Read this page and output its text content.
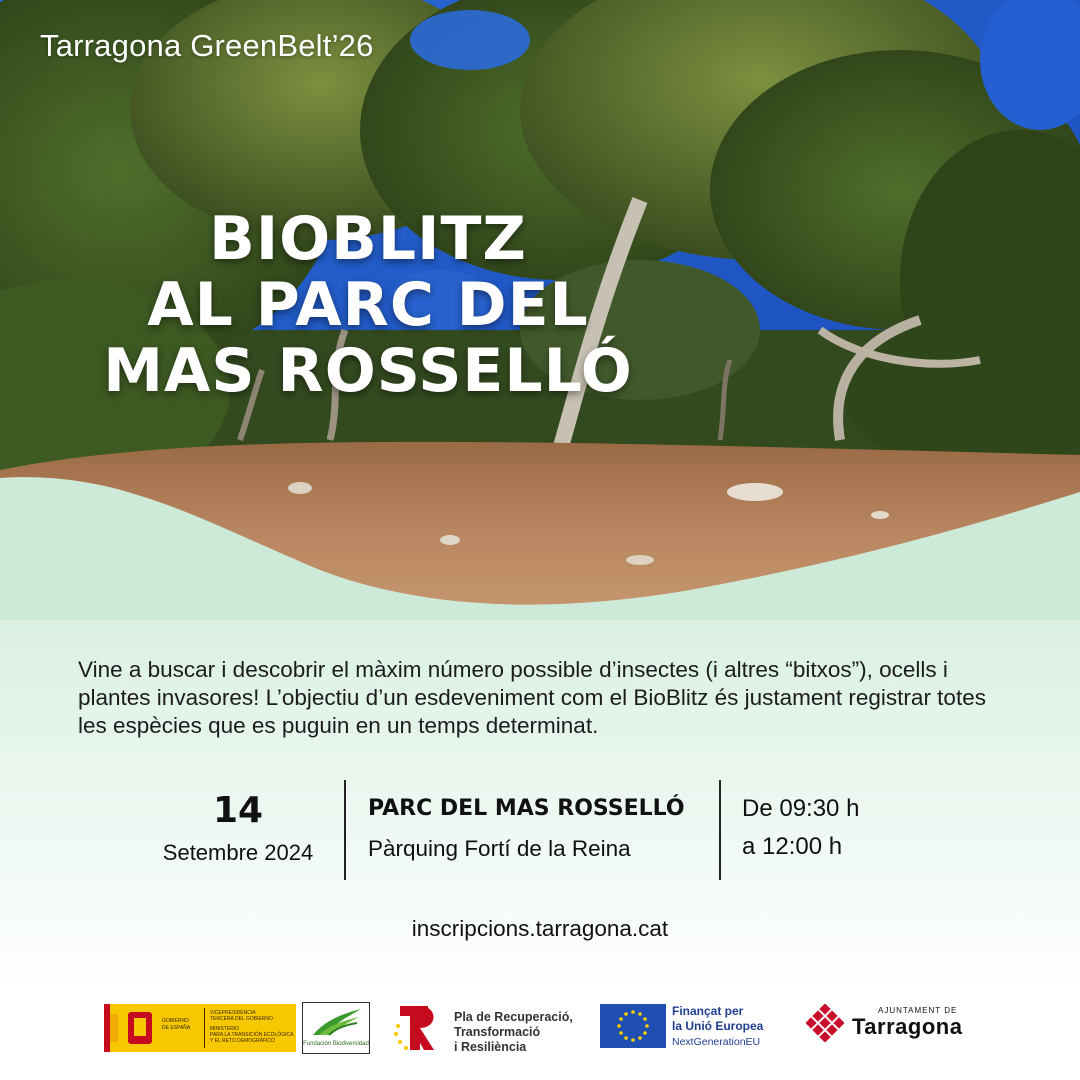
Tarragona GreenBelt’26
BIOBLITZ
AL PARC DEL
MAS ROSSELLÓ
Vine a buscar i descobrir el màxim número possible d’insectes (i altres “bitxos”), ocells i plantes invasores! L’objectiu d’un esdeveniment com el BioBlitz és justament registrar totes les espècies que es puguin en un temps determinat.
14
Setembre 2024
PARC DEL MAS ROSSELLÓ
Pàrquing Fortí de la Reina
De 09:30 h
a 12:00 h
inscripcions.tarragona.cat
GOBIERNO
DE ESPAÑA
VICEPRESIDENCIA
TERCERA DEL GOBIERNO
MINISTERIO
PARA LA TRANSICIÓN ECOLÓGICA
Y EL RETO DEMOGRÁFICO	Fundación Biodiversidad
Pla de Recuperació,
Transformació
i Resiliència
Finançat per
la Unió Europea
NextGenerationEU
AJUNTAMENT DE
Tarragona
